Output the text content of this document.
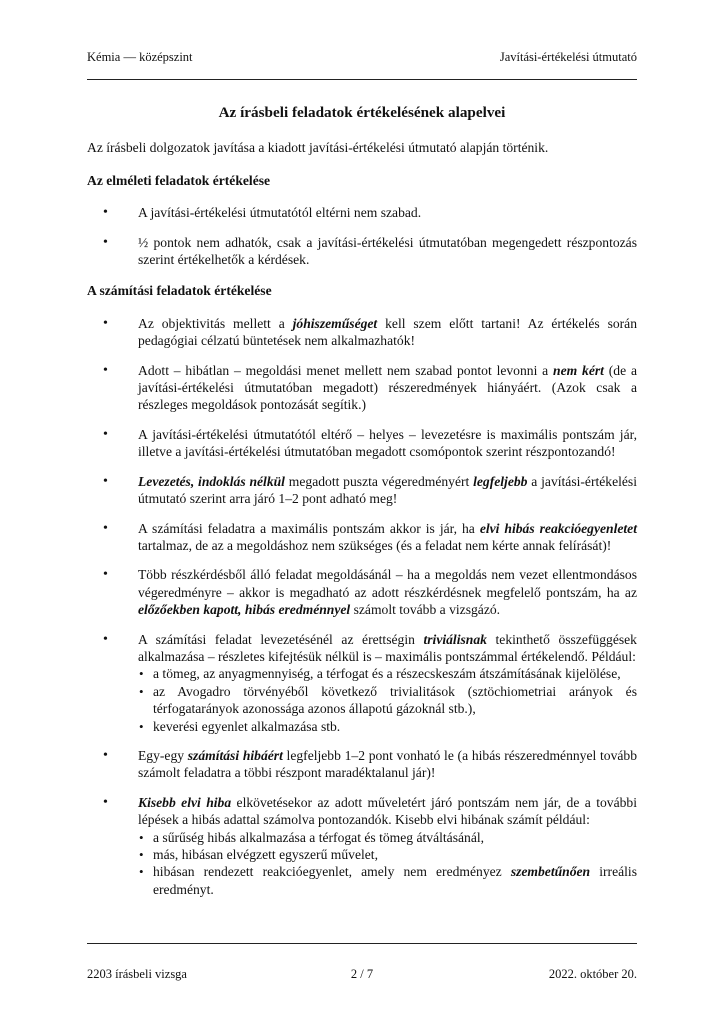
Kémia — középszint	Javítási-értékelési útmutató
Az írásbeli feladatok értékelésének alapelvei

Az írásbeli dolgozatok javítása a kiadott javítási-értékelési útmutató alapján történik.

Az elméleti feladatok értékelése
• A javítási-értékelési útmutatótól eltérni nem szabad.
• ½ pontok nem adhatók, csak a javítási-értékelési útmutatóban megengedett részpontozás szerint értékelhetők a kérdések.
A számítási feladatok értékelése
• Az objektivitás mellett a jóhiszeműséget kell szem előtt tartani! Az értékelés során pedagógiai célzatú büntetések nem alkalmazhatók!
• Adott – hibátlan – megoldási menet mellett nem szabad pontot levonni a nem kért (de a javítási-értékelési útmutatóban megadott) részeredmények hiányáért. (Azok csak a részleges megoldások pontozását segítik.)
• A javítási-értékelési útmutatótól eltérő – helyes – levezetésre is maximális pontszám jár, illetve a javítási-értékelési útmutatóban megadott csomópontok szerint részpontozandó!
• Levezetés, indoklás nélkül megadott puszta végeredményért legfeljebb a javítási-értékelési útmutató szerint arra járó 1–2 pont adható meg!
• A számítási feladatra a maximális pontszám akkor is jár, ha elvi hibás reakcióegyenletet tartalmaz, de az a megoldáshoz nem szükséges (és a feladat nem kérte annak felírását)!
• Több részkérdésből álló feladat megoldásánál – ha a megoldás nem vezet ellentmondásos végeredményre – akkor is megadható az adott részkérdésnek megfelelő pontszám, ha az előzőekben kapott, hibás eredménnyel számolt tovább a vizsgázó.
• A számítási feladat levezetésénél az érettségin triviálisnak tekinthető összefüggések alkalmazása – részletes kifejtésük nélkül is – maximális pontszámmal értékelendő. Például:
• a tömeg, az anyagmennyiség, a térfogat és a részecskeszám átszámításának kijelölése,
• az Avogadro törvényéből következő trivialitások (sztöchiometriai arányok és térfogatarányok azonossága azonos állapotú gázoknál stb.),
• keverési egyenlet alkalmazása stb.
• Egy-egy számítási hibáért legfeljebb 1–2 pont vonható le (a hibás részeredménnyel tovább számolt feladatra a többi részpont maradéktalanul jár)!
• Kisebb elvi hiba elkövetésekor az adott műveletért járó pontszám nem jár, de a további lépések a hibás adattal számolva pontozandók. Kisebb elvi hibának számít például:
• a sűrűség hibás alkalmazása a térfogat és tömeg átváltásánál,
• más, hibásan elvégzett egyszerű művelet,
• hibásan rendezett reakcióegyenlet, amely nem eredményez szembetűnően irreális eredményt.
2203 írásbeli vizsga	2 / 7	2022. október 20.
